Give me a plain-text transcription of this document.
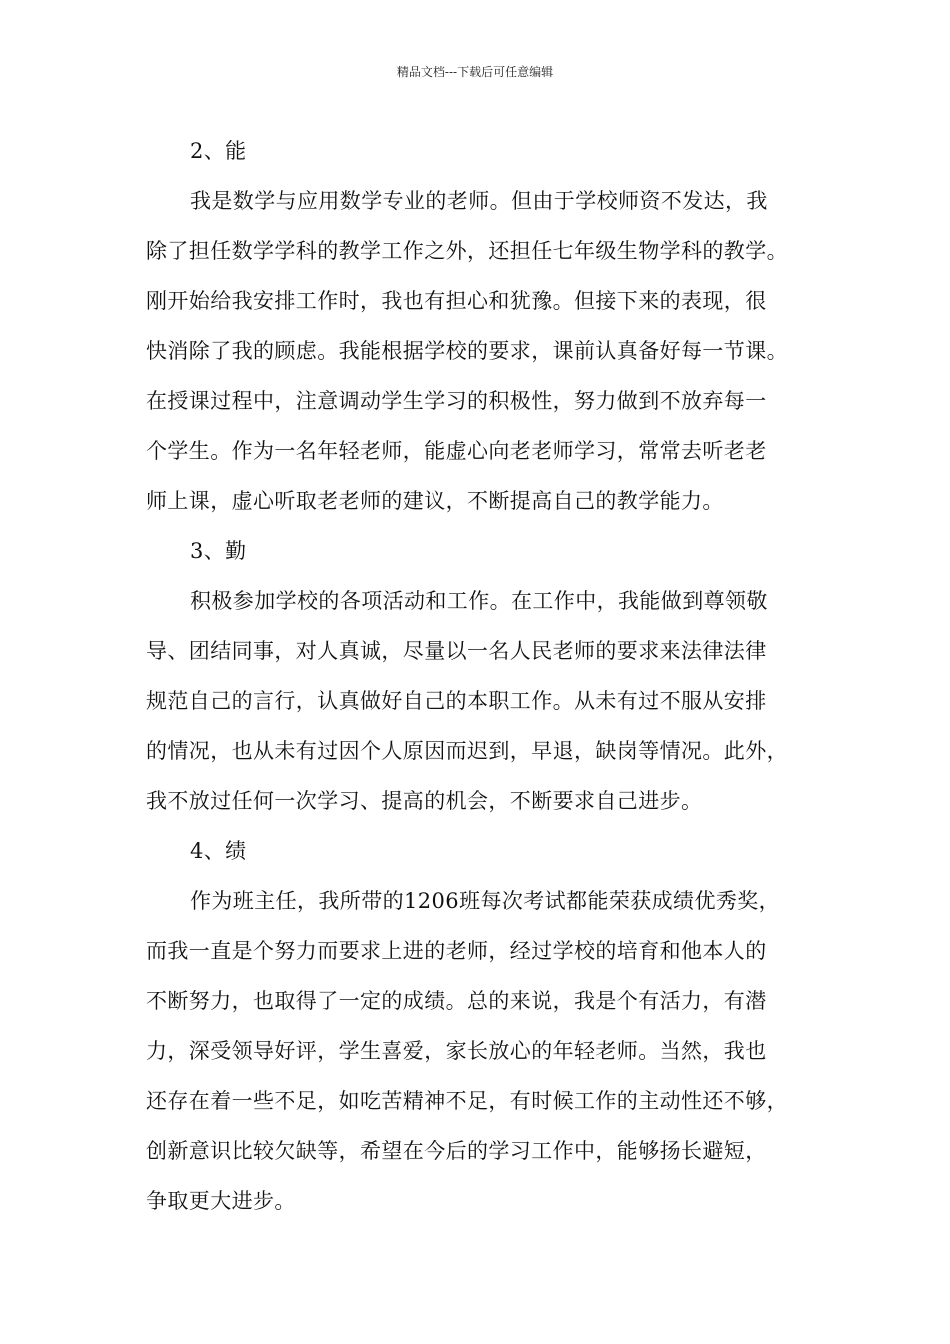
精品文档---下载后可任意编辑
2、能
我是数学与应用数学专业的老师。但由于学校师资不发达，我
除了担任数学学科的教学工作之外，还担任七年级生物学科的教学。
刚开始给我安排工作时，我也有担心和犹豫。但接下来的表现，很
快消除了我的顾虑。我能根据学校的要求，课前认真备好每一节课。
在授课过程中，注意调动学生学习的积极性，努力做到不放弃每一
个学生。作为一名年轻老师，能虚心向老老师学习，常常去听老老
师上课，虚心听取老老师的建议，不断提高自己的教学能力。
3、勤
积极参加学校的各项活动和工作。在工作中，我能做到尊领敬
导、团结同事，对人真诚，尽量以一名人民老师的要求来法律法律
规范自己的言行，认真做好自己的本职工作。从未有过不服从安排
的情况，也从未有过因个人原因而迟到，早退，缺岗等情况。此外，
我不放过任何一次学习、提高的机会，不断要求自己进步。
4、绩
作为班主任，我所带的1206班每次考试都能荣获成绩优秀奖，
而我一直是个努力而要求上进的老师，经过学校的培育和他本人的
不断努力，也取得了一定的成绩。总的来说，我是个有活力，有潜
力，深受领导好评，学生喜爱，家长放心的年轻老师。当然，我也
还存在着一些不足，如吃苦精神不足，有时候工作的主动性还不够，
创新意识比较欠缺等，希望在今后的学习工作中，能够扬长避短，
争取更大进步。
